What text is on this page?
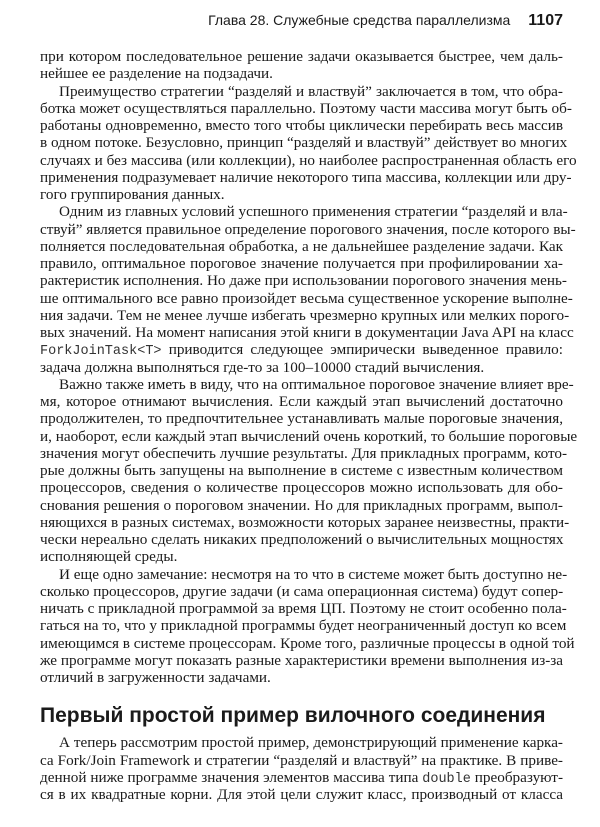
Глава 28. Служебные средства параллелизма 1107
при котором последовательное решение задачи оказывается быстрее, чем даль-
нейшее ее разделение на подзадачи.
Преимущество стратегии “разделяй и властвуй” заключается в том, что обра-
ботка может осуществляться параллельно. Поэтому части массива могут быть об-
работаны одновременно, вместо того чтобы циклически перебирать весь массив
в одном потоке. Безусловно, принцип “разделяй и властвуй” действует во многих
случаях и без массива (или коллекции), но наиболее распространенная область его
применения подразумевает наличие некоторого типа массива, коллекции или дру-
гого группирования данных.
Одним из главных условий успешного применения стратегии “разделяй и вла-
ствуй” является правильное определение порогового значения, после которого вы-
полняется последовательная обработка, а не дальнейшее разделение задачи. Как
правило, оптимальное пороговое значение получается при профилировании ха-
рактеристик исполнения. Но даже при использовании порогового значения мень-
ше оптимального все равно произойдет весьма существенное ускорение выполне-
ния задачи. Тем не менее лучше избегать чрезмерно крупных или мелких порого-
вых значений. На момент написания этой книги в документации Java API на класс
ForkJoinTask<T> приводится следующее эмпирически выведенное правило:
задача должна выполняться где-то за 100–10000 стадий вычисления.
Важно также иметь в виду, что на оптимальное пороговое значение влияет вре-
мя, которое отнимают вычисления. Если каждый этап вычислений достаточно
продолжителен, то предпочтительнее устанавливать малые пороговые значения,
и, наоборот, если каждый этап вычислений очень короткий, то большие пороговые
значения могут обеспечить лучшие результаты. Для прикладных программ, кото-
рые должны быть запущены на выполнение в системе с известным количеством
процессоров, сведения о количестве процессоров можно использовать для обо-
снования решения о пороговом значении. Но для прикладных программ, выпол-
няющихся в разных системах, возможности которых заранее неизвестны, практи-
чески нереально сделать никаких предположений о вычислительных мощностях
исполняющей среды.
И еще одно замечание: несмотря на то что в системе может быть доступно не-
сколько процессоров, другие задачи (и сама операционная система) будут сопер-
ничать с прикладной программой за время ЦП. Поэтому не стоит особенно пола-
гаться на то, что у прикладной программы будет неограниченный доступ ко всем
имеющимся в системе процессорам. Кроме того, различные процессы в одной той
же программе могут показать разные характеристики времени выполнения из-за
отличий в загруженности задачами.
Первый простой пример вилочного соединения
А теперь рассмотрим простой пример, демонстрирующий применение карка-
са Fork/Join Framework и стратегии “разделяй и властвуй” на практике. В приве-
денной ниже программе значения элементов массива типа double преобразуют-
ся в их квадратные корни. Для этой цели служит класс, производный от класса
